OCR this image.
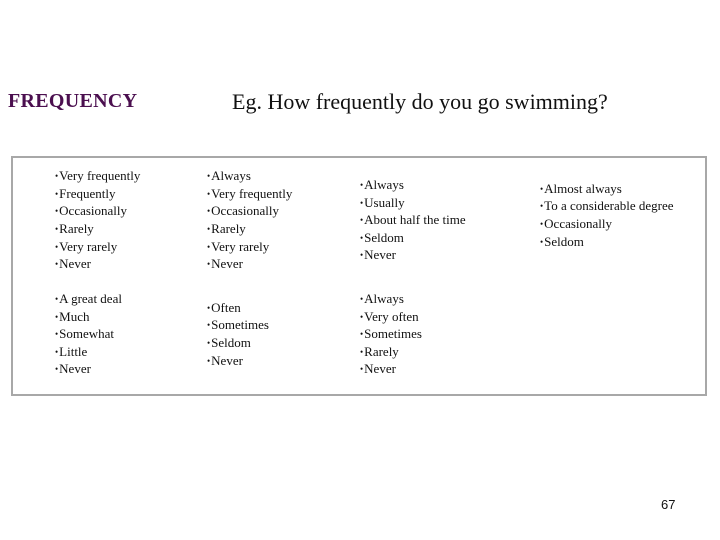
FREQUENCY	Eg. How frequently do you go swimming?
• Very frequently
• Frequently
• Occasionally
• Rarely
• Very rarely
• Never
• Always
• Very frequently
• Occasionally
• Rarely
• Very rarely
• Never
• Always
• Usually
• About half the time
• Seldom
• Never
• Almost always
• To a considerable degree
• Occasionally
• Seldom
• A great deal
• Much
• Somewhat
• Little
• Never
• Often
• Sometimes
• Seldom
• Never
• Always
• Very often
• Sometimes
• Rarely
• Never
67
